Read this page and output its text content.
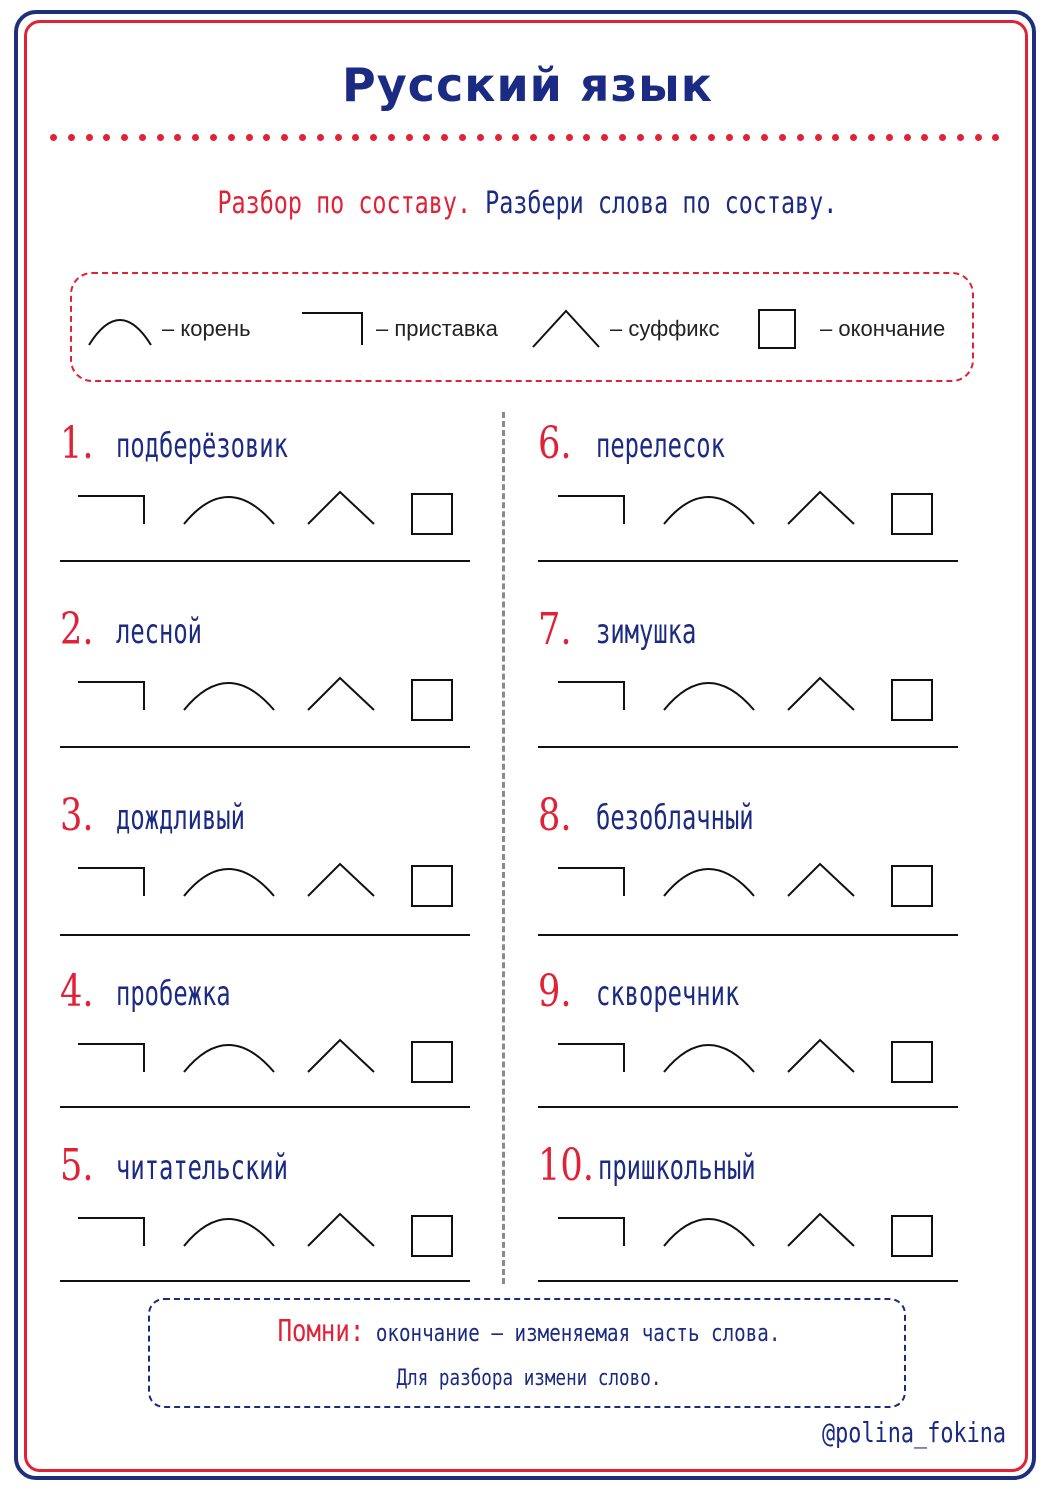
Русский язык
Разбор по составу. Разбери слова по составу.
– корень	– приставка	– суффикс	– окончание
1. подберёзовик
2. лесной
3. дождливый
4. пробежка
5. читательский
6. перелесок
7. зимушка
8. безоблачный
9. скворечник
10. пришкольный
Помни: окончание – изменяемая часть слова.
Для разбора измени слово.
@polina_fokina
